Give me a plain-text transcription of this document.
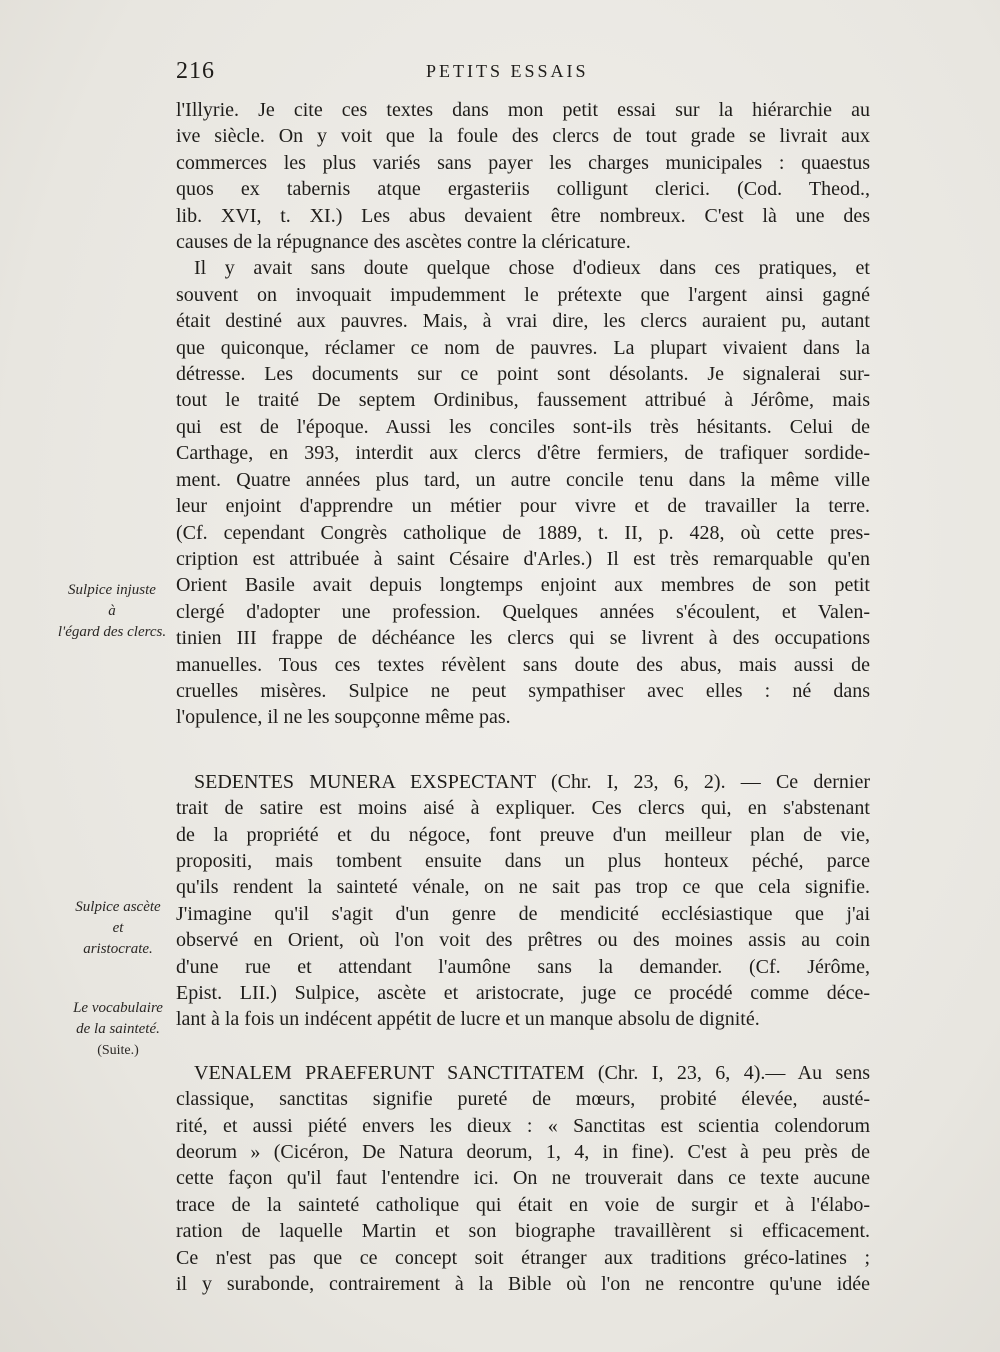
216	PETITS ESSAIS
Sulpice injuste
à
l'égard des clercs.
Sulpice ascète
et
aristocrate.
Le vocabulaire
de la sainteté.
(Suite.)
l'Illyrie. Je cite ces textes dans mon petit essai sur la hiérarchie au
ive siècle. On y voit que la foule des clercs de tout grade se livrait aux
commerces les plus variés sans payer les charges municipales : quaestus
quos ex tabernis atque ergasteriis colligunt clerici. (Cod. Theod.,
lib. XVI, t. XI.) Les abus devaient être nombreux. C'est là une des
causes de la répugnance des ascètes contre la cléricature.
Il y avait sans doute quelque chose d'odieux dans ces pratiques, et
souvent on invoquait impudemment le prétexte que l'argent ainsi gagné
était destiné aux pauvres. Mais, à vrai dire, les clercs auraient pu, autant
que quiconque, réclamer ce nom de pauvres. La plupart vivaient dans la
détresse. Les documents sur ce point sont désolants. Je signalerai sur-
tout le traité De septem Ordinibus, faussement attribué à Jérôme, mais
qui est de l'époque. Aussi les conciles sont-ils très hésitants. Celui de
Carthage, en 393, interdit aux clercs d'être fermiers, de trafiquer sordide-
ment. Quatre années plus tard, un autre concile tenu dans la même ville
leur enjoint d'apprendre un métier pour vivre et de travailler la terre.
(Cf. cependant Congrès catholique de 1889, t. II, p. 428, où cette pres-
cription est attribuée à saint Césaire d'Arles.) Il est très remarquable qu'en
Orient Basile avait depuis longtemps enjoint aux membres de son petit
clergé d'adopter une profession. Quelques années s'écoulent, et Valen-
tinien III frappe de déchéance les clercs qui se livrent à des occupations
manuelles. Tous ces textes révèlent sans doute des abus, mais aussi de
cruelles misères. Sulpice ne peut sympathiser avec elles : né dans
l'opulence, il ne les soupçonne même pas.
SEDENTES MUNERA EXSPECTANT (Chr. I, 23, 6, 2). — Ce dernier
trait de satire est moins aisé à expliquer. Ces clercs qui, en s'abstenant
de la propriété et du négoce, font preuve d'un meilleur plan de vie,
propositi, mais tombent ensuite dans un plus honteux péché, parce
qu'ils rendent la sainteté vénale, on ne sait pas trop ce que cela signifie.
J'imagine qu'il s'agit d'un genre de mendicité ecclésiastique que j'ai
observé en Orient, où l'on voit des prêtres ou des moines assis au coin
d'une rue et attendant l'aumône sans la demander. (Cf. Jérôme,
Epist. LII.) Sulpice, ascète et aristocrate, juge ce procédé comme déce-
lant à la fois un indécent appétit de lucre et un manque absolu de dignité.
VENALEM PRAEFERUNT SANCTITATEM (Chr. I, 23, 6, 4).— Au sens
classique, sanctitas signifie pureté de mœurs, probité élevée, austé-
rité, et aussi piété envers les dieux : « Sanctitas est scientia colendorum
deorum » (Cicéron, De Natura deorum, 1, 4, in fine). C'est à peu près de
cette façon qu'il faut l'entendre ici. On ne trouverait dans ce texte aucune
trace de la sainteté catholique qui était en voie de surgir et à l'élabo-
ration de laquelle Martin et son biographe travaillèrent si efficacement.
Ce n'est pas que ce concept soit étranger aux traditions gréco-latines ;
il y surabonde, contrairement à la Bible où l'on ne rencontre qu'une idée
